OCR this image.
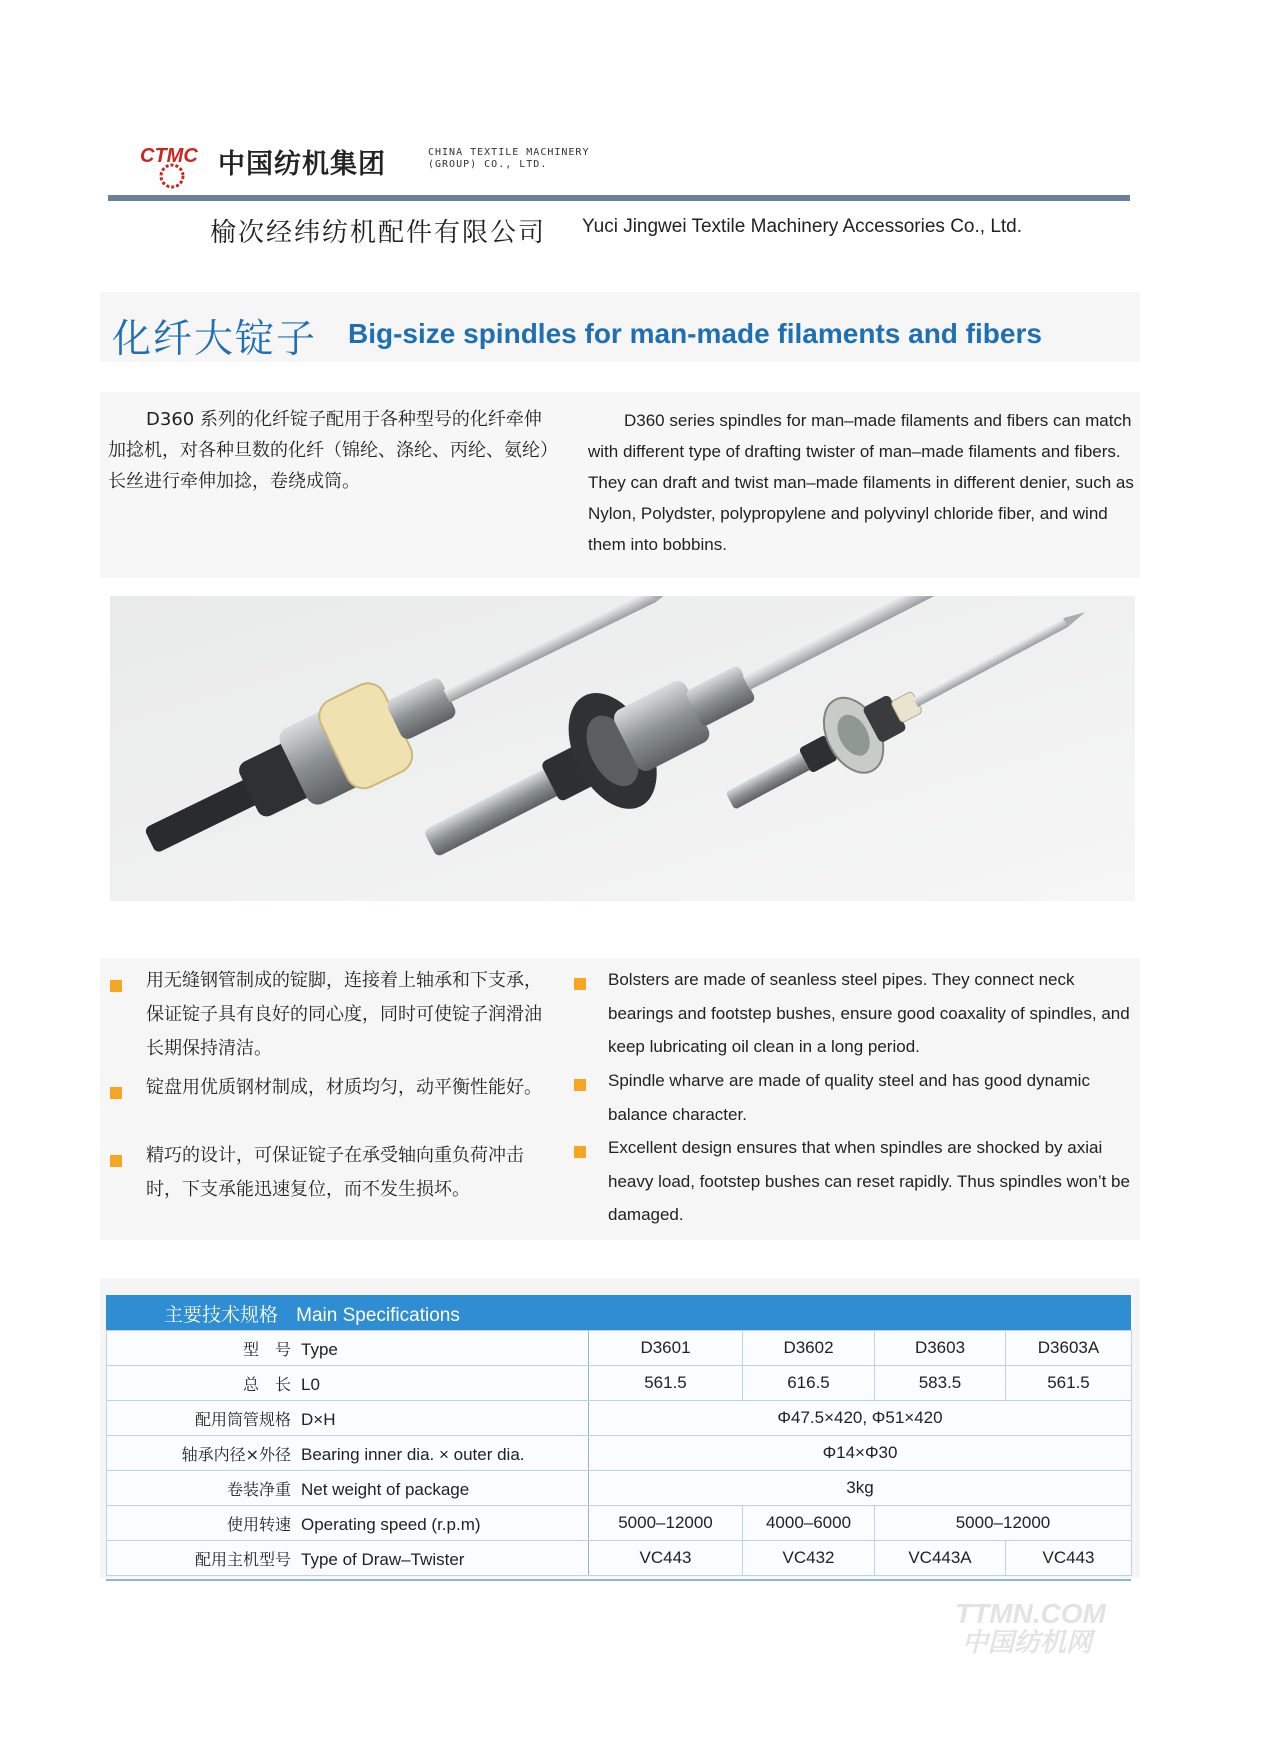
CTMC 中国纺机集团	CHINA TEXTILE MACHINERY
(GROUP) CO., LTD.
榆次经纬纺机配件有限公司 Yuci Jingwei Textile Machinery Accessories Co., Ltd.
化纤大锭子 Big-size spindles for man-made filaments and fibers
D360 系列的化纤锭子配用于各种型号的化纤牵伸加捻机，对各种旦数的化纤（锦纶、涤纶、丙纶、氨纶）长丝进行牵伸加捻，卷绕成筒。
D360 series spindles for man–made filaments and fibers can match with different type of drafting twister of man–made filaments and fibers. They can draft and twist man–made filaments in different denier, such as Nylon, Polydster, polypropylene and polyvinyl chloride fiber, and wind them into bobbins.
用无缝钢管制成的锭脚，连接着上轴承和下支承，保证锭子具有良好的同心度，同时可使锭子润滑油长期保持清洁。
锭盘用优质钢材制成，材质均匀，动平衡性能好。
精巧的设计，可保证锭子在承受轴向重负荷冲击时，下支承能迅速复位，而不发生损坏。
Bolsters are made of seanless steel pipes. They connect neck bearings and footstep bushes, ensure good coaxality of spindles, and keep lubricating oil clean in a long period.
Spindle wharve are made of quality steel and has good dynamic balance character.
Excellent design ensures that when spindles are shocked by axiai heavy load, footstep bushes can reset rapidly. Thus spindles won’t be damaged.
主要技术规格 Main Specifications
型　号 Type	D3601	D3602	D3603	D3603A
总　长 L0	561.5	616.5	583.5	561.5
配用筒管规格 D×H	Φ47.5×420, Φ51×420			
轴承内径×外径 Bearing inner dia. × outer dia.	Φ14×Φ30			
卷装净重 Net weight of package	3kg			
使用转速 Operating speed (r.p.m)	5000–12000	4000–6000	5000–12000	
配用主机型号 Type of Draw–Twister	VC443	VC432	VC443A	VC443
TTMN.COM
中国纺机网
